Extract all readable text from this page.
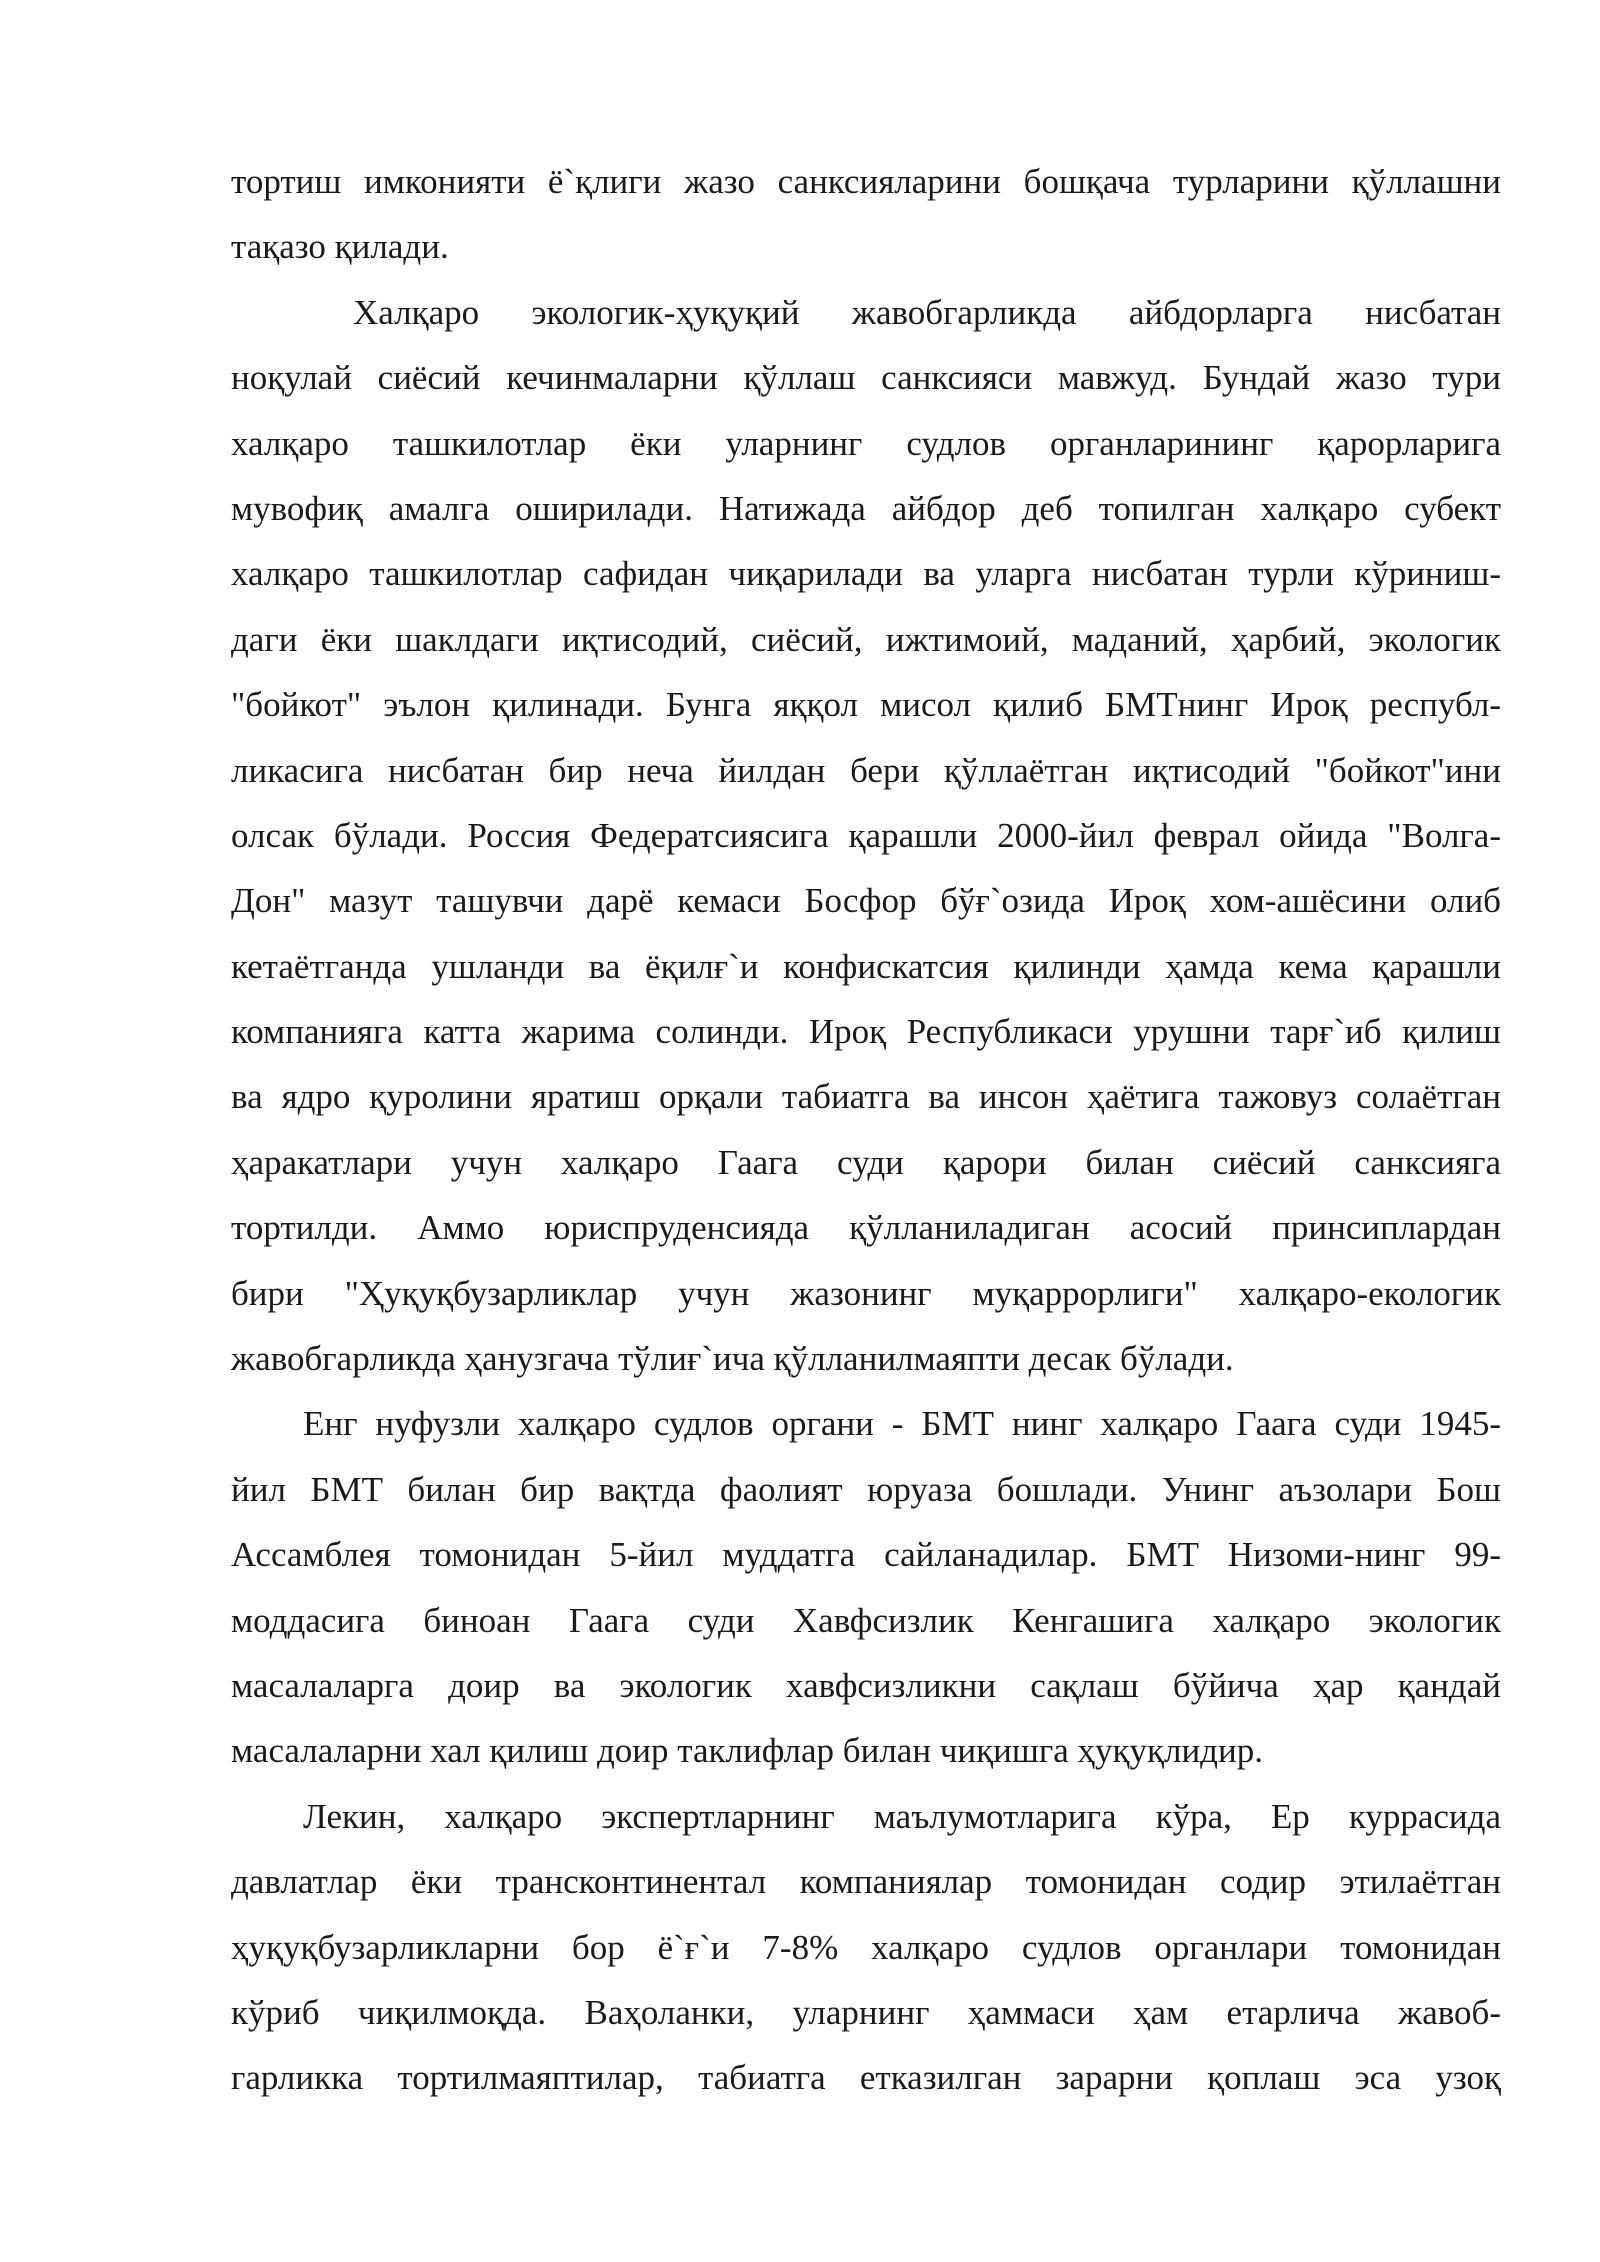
тортиш имконияти ё`қлиги жазо санксияларини бошқача турларини қўллашни
тақазо қилади.
Халқаро экологик-ҳуқуқий жавобгарликда айбдорларга нисбатан
ноқулай сиёсий кечинмаларни қўллаш санксияси мавжуд. Бундай жазо тури
халқаро ташкилотлар ёки уларнинг судлов органларининг қарорларига
мувофиқ амалга оширилади. Натижада айбдор деб топилган халқаро субект
халқаро ташкилотлар сафидан чиқарилади ва уларга нисбатан турли кўриниш-
даги ёки шаклдаги иқтисодий, сиёсий, ижтимоий, маданий, ҳарбий, экологик
"бойкот" эълон қилинади. Бунга яққол мисол қилиб БМТнинг Ироқ республ-
ликасига нисбатан бир неча йилдан бери қўллаётган иқтисодий "бойкот"ини
олсак бўлади. Россия Федератсиясига қарашли 2000-йил феврал ойида "Волга-
Дон" мазут ташувчи дарё кемаси Босфор бўғ`озида Ироқ хом-ашёсини олиб
кетаётганда ушланди ва ёқилғ`и конфискатсия қилинди ҳамда кема қарашли
компанияга катта жарима солинди. Ироқ Республикаси урушни тарғ`иб қилиш
ва ядро қуролини яратиш орқали табиатга ва инсон ҳаётига тажовуз солаётган
ҳаракатлари учун халқаро Гаага суди қарори билан сиёсий санксияга
тортилди. Аммо юриспруденсияда қўлланиладиган асосий принсиплардан
бири "Ҳуқуқбузарликлар учун жазонинг муқаррорлиги" халқаро-екологик
жавобгарликда ҳанузгача тўлиғ`ича қўлланилмаяпти десак бўлади.
Енг нуфузли халқаро судлов органи - БМТ нинг халқаро Гаага суди 1945-
йил БМТ билан бир вақтда фаолият юруаза бошлади. Унинг аъзолари Бош
Ассамблея томонидан 5-йил муддатга сайланадилар. БМТ Низоми-нинг 99-
моддасига биноан Гаага суди Хавфсизлик Кенгашига халқаро экологик
масалаларга доир ва экологик хавфсизликни сақлаш бўйича ҳар қандай
масалаларни хал қилиш доир таклифлар билан чиқишга ҳуқуқлидир.
Лекин, халқаро экспертларнинг маълумотларига кўра, Ер куррасида
давлатлар ёки трансконтинентал компаниялар томонидан содир этилаётган
ҳуқуқбузарликларни бор ё`ғ`и 7-8% халқаро судлов органлари томонидан
кўриб чиқилмоқда. Ваҳоланки, уларнинг ҳаммаси ҳам етарлича жавоб-
гарликка тортилмаяптилар, табиатга етказилган зарарни қоплаш эса узоқ
